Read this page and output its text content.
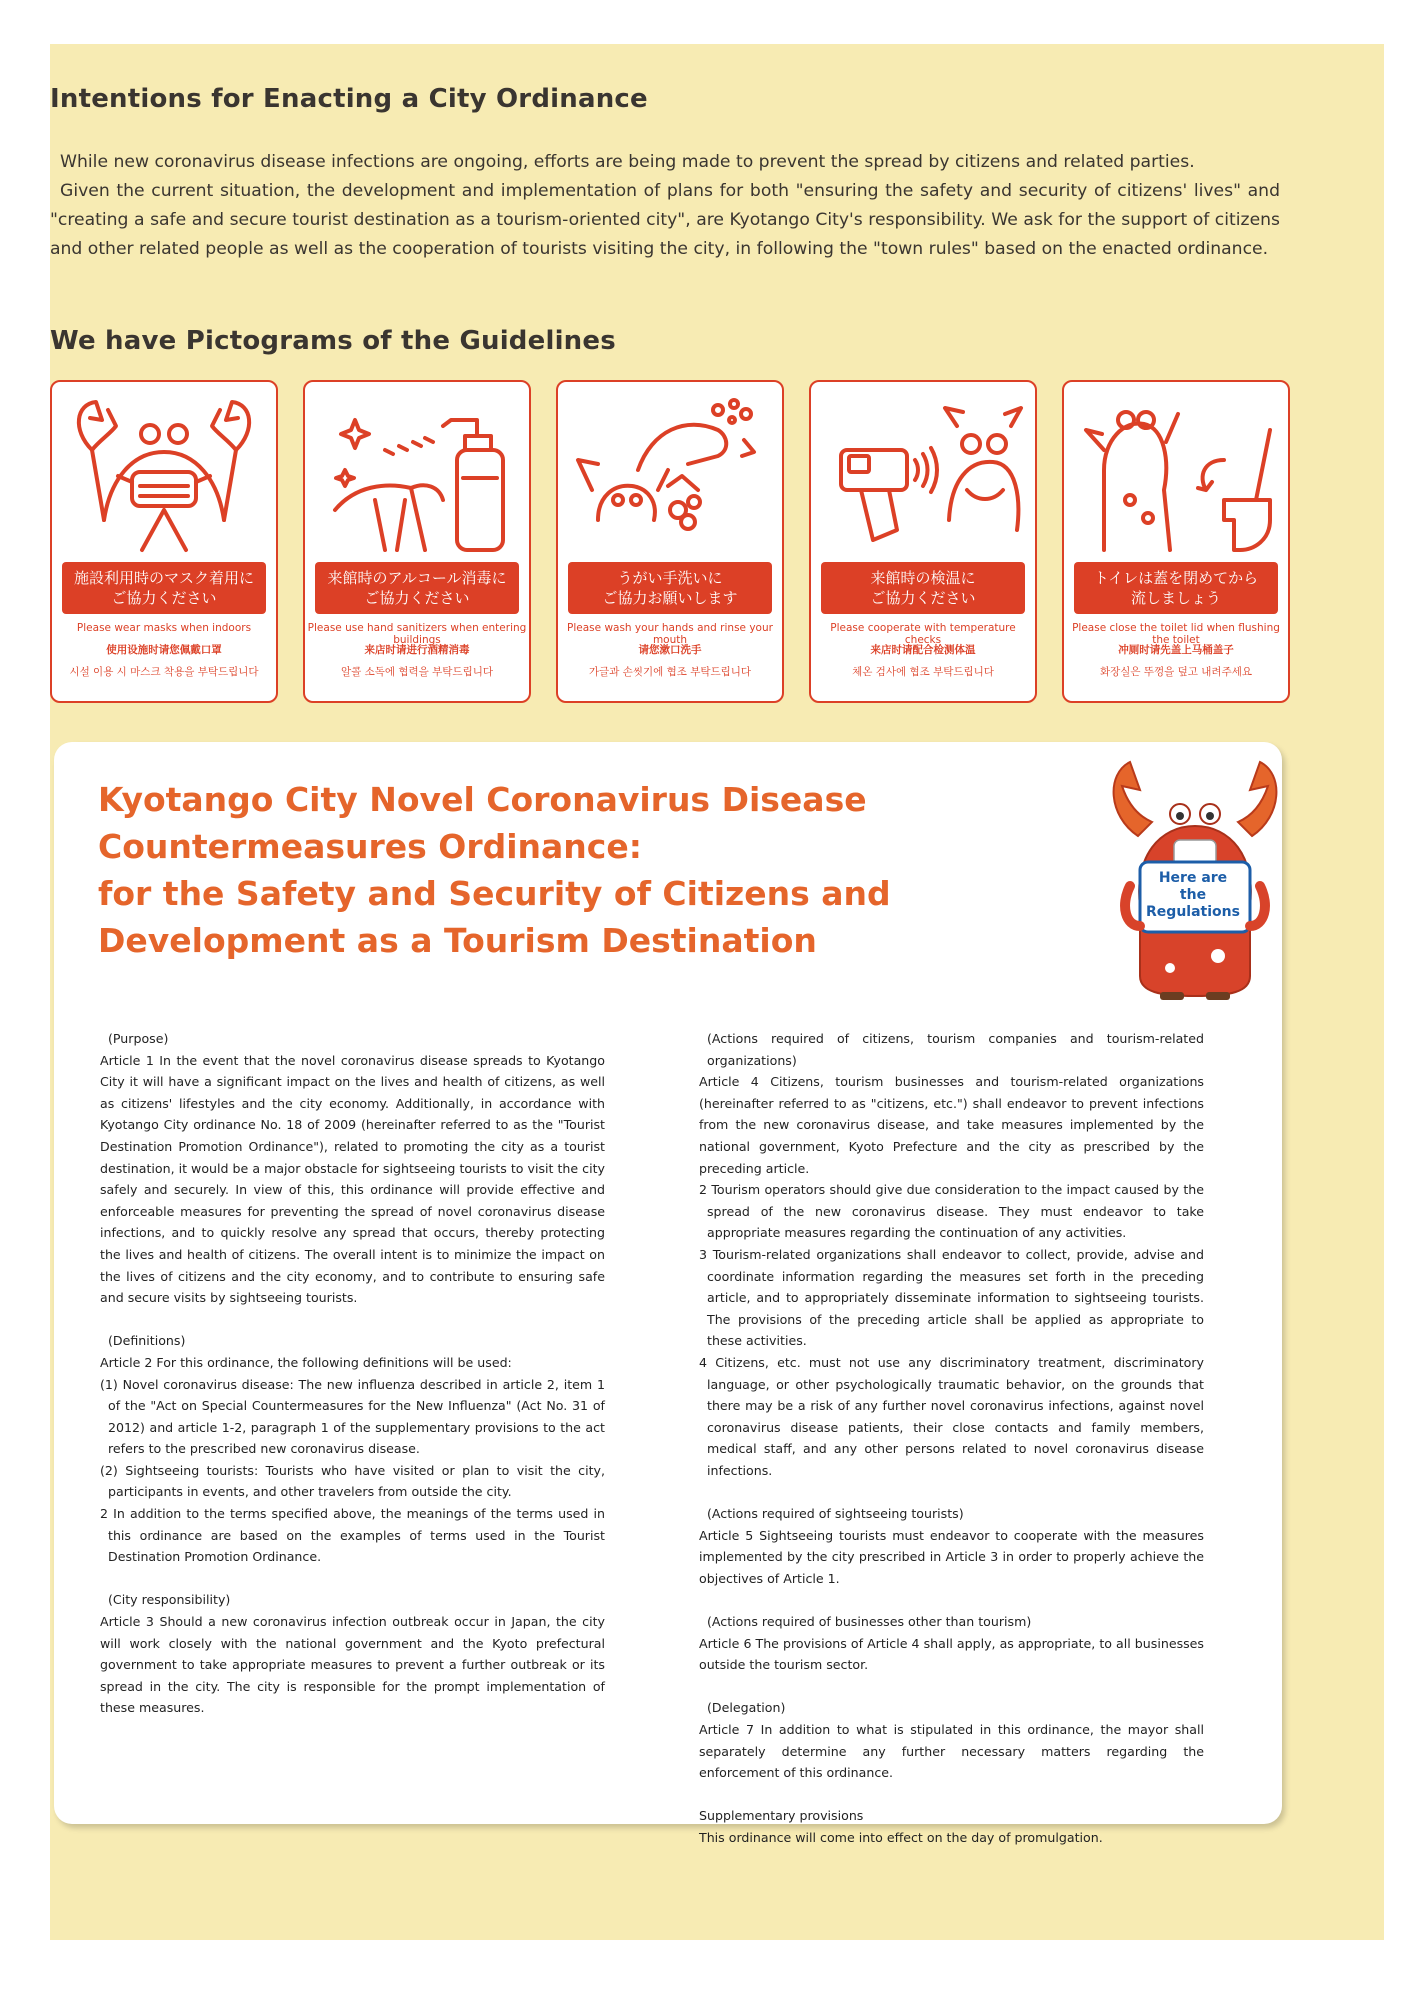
Intentions for Enacting a City Ordinance

While new coronavirus disease infections are ongoing, efforts are being made to prevent the spread by citizens and related parties.

Given the current situation, the development and implementation of plans for both "ensuring the safety and security of citizens' lives" and "creating a safe and secure tourist destination as a tourism-oriented city", are Kyotango City's responsibility. We ask for the support of citizens and other related people as well as the cooperation of tourists visiting the city, in following the "town rules" based on the enacted ordinance.

We have Pictograms of the Guidelines
施設利用時のマスク着用に
ご協力ください
Please wear masks when indoors
使用设施时请您佩戴口罩
시설 이용 시 마스크 착용을 부탁드립니다
来館時のアルコール消毒に
ご協力ください
Please use hand sanitizers when entering buildings
来店时请进行酒精消毒
알콜 소독에 협력을 부탁드립니다
うがい手洗いに
ご協力お願いします
Please wash your hands and rinse your mouth
请您漱口洗手
가글과 손씻기에 협조 부탁드립니다
来館時の検温に
ご協力ください
Please cooperate with temperature checks
来店时请配合检测体温
체온 검사에 협조 부탁드립니다
トイレは蓋を閉めてから
流しましょう
Please close the toilet lid when flushing the toilet
冲厕时请先盖上马桶盖子
화장실은 뚜껑을 덮고 내려주세요
Kyotango City Novel Coronavirus Disease
Countermeasures Ordinance:
for the Safety and Security of Citizens and
Development as a Tourism Destination

(Purpose)

Article 1 In the event that the novel coronavirus disease spreads to Kyotango City it will have a significant impact on the lives and health of citizens, as well as citizens' lifestyles and the city economy. Additionally, in accordance with Kyotango City ordinance No. 18 of 2009 (hereinafter referred to as the "Tourist Destination Promotion Ordinance"), related to promoting the city as a tourist destination, it would be a major obstacle for sightseeing tourists to visit the city safely and securely. In view of this, this ordinance will provide effective and enforceable measures for preventing the spread of novel coronavirus disease infections, and to quickly resolve any spread that occurs, thereby protecting the lives and health of citizens. The overall intent is to minimize the impact on the lives of citizens and the city economy, and to contribute to ensuring safe and secure visits by sightseeing tourists.

(Definitions)

Article 2 For this ordinance, the following definitions will be used:

(1) Novel coronavirus disease: The new influenza described in article 2, item 1 of the "Act on Special Countermeasures for the New Influenza" (Act No. 31 of 2012) and article 1-2, paragraph 1 of the supplementary provisions to the act refers to the prescribed new coronavirus disease.

(2) Sightseeing tourists: Tourists who have visited or plan to visit the city, participants in events, and other travelers from outside the city.

2 In addition to the terms specified above, the meanings of the terms used in this ordinance are based on the examples of terms used in the Tourist Destination Promotion Ordinance.

(City responsibility)

Article 3 Should a new coronavirus infection outbreak occur in Japan, the city will work closely with the national government and the Kyoto prefectural government to take appropriate measures to prevent a further outbreak or its spread in the city. The city is responsible for the prompt implementation of these measures.

(Actions required of citizens, tourism companies and tourism-related organizations)

Article 4 Citizens, tourism businesses and tourism-related organizations (hereinafter referred to as "citizens, etc.") shall endeavor to prevent infections from the new coronavirus disease, and take measures implemented by the national government, Kyoto Prefecture and the city as prescribed by the preceding article.

2 Tourism operators should give due consideration to the impact caused by the spread of the new coronavirus disease. They must endeavor to take appropriate measures regarding the continuation of any activities.

3 Tourism-related organizations shall endeavor to collect, provide, advise and coordinate information regarding the measures set forth in the preceding article, and to appropriately disseminate information to sightseeing tourists. The provisions of the preceding article shall be applied as appropriate to these activities.

4 Citizens, etc. must not use any discriminatory treatment, discriminatory language, or other psychologically traumatic behavior, on the grounds that there may be a risk of any further novel coronavirus infections, against novel coronavirus disease patients, their close contacts and family members, medical staff, and any other persons related to novel coronavirus disease infections.

(Actions required of sightseeing tourists)

Article 5 Sightseeing tourists must endeavor to cooperate with the measures implemented by the city prescribed in Article 3 in order to properly achieve the objectives of Article 1.

(Actions required of businesses other than tourism)

Article 6 The provisions of Article 4 shall apply, as appropriate, to all businesses outside the tourism sector.

(Delegation)

Article 7 In addition to what is stipulated in this ordinance, the mayor shall separately determine any further necessary matters regarding the enforcement of this ordinance.

Supplementary provisions

This ordinance will come into effect on the day of promulgation.

Here are the Regulations
